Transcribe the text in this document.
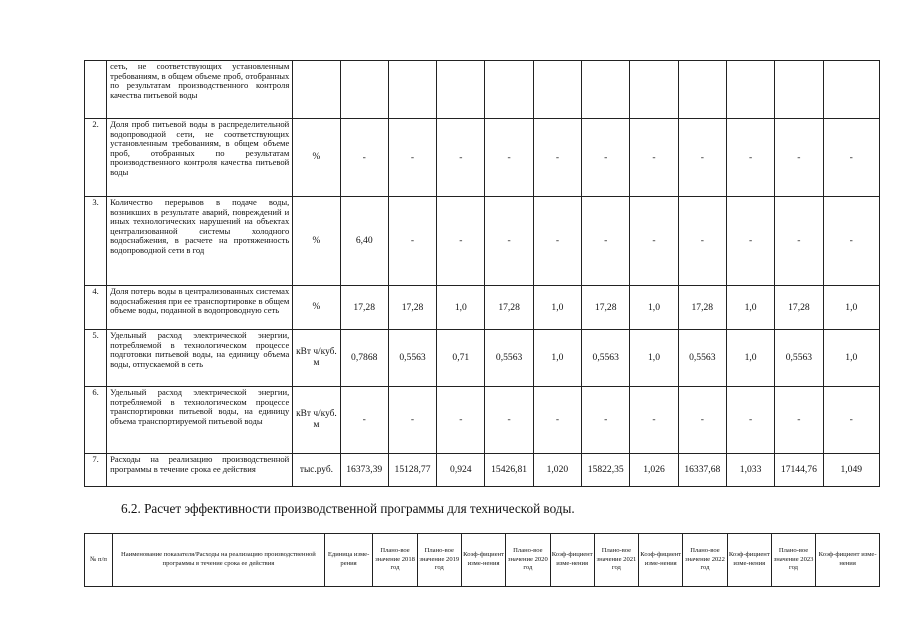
	сеть, не соответствующих установленным требованиям, в общем объеме проб, отобранных по результатам производственного контроля качества питьевой воды												
2.	Доля проб питьевой воды в распределительной водопроводной сети, не соответствующих установленным требованиям, в общем объеме проб, отобранных по результатам производственного контроля качества питьевой воды	%	-	-	-	-	-	-	-	-	-	-	-
3.	Количество перерывов в подаче воды, возникших в результате аварий, повреждений и иных технологических нарушений на объектах централизованной системы холодного водоснабжения, в расчете на протяженность водопроводной сети в год	%	6,40	-	-	-	-	-	-	-	-	-	-
4.	Доля потерь воды в централизованных системах водоснабжения при ее транспортировке в общем объеме воды, поданной в водопроводную сеть	%	17,28	17,28	1,0	17,28	1,0	17,28	1,0	17,28	1,0	17,28	1,0
5.	Удельный расход электрической энергии, потребляемой в технологическом процессе подготовки питьевой воды, на единицу объема воды, отпускаемой в сеть	кВт ч/куб. м	0,7868	0,5563	0,71	0,5563	1,0	0,5563	1,0	0,5563	1,0	0,5563	1,0
6.	Удельный расход электрической энергии, потребляемой в технологическом процессе транспортировки питьевой воды, на единицу объема транспортируемой питьевой воды	кВт ч/куб. м	-	-	-	-	-	-	-	-	-	-	-
7.	Расходы на реализацию производственной программы в течение срока ее действия	тыс.руб.	16373,39	15128,77	0,924	15426,81	1,020	15822,35	1,026	16337,68	1,033	17144,76	1,049
6.2. Расчет эффективности производственной программы для технической воды.
№ п/п	Наименование показателя/Расходы на реализацию производственной программы в течение срока ее действия	Единица изме-рения	Плано-вое значение 2018 год	Плано-вое значение 2019 год	Коэф-фициент изме-нения	Плано-вое значение 2020 год	Коэф-фициент изме-нения	Плано-вое значение 2021 год	Коэф-фициент изме-нения	Плано-вое значение 2022 год	Коэф-фициент изме-нения	Плано-вое значение 2023 год	Коэф-фициент изме-нения
